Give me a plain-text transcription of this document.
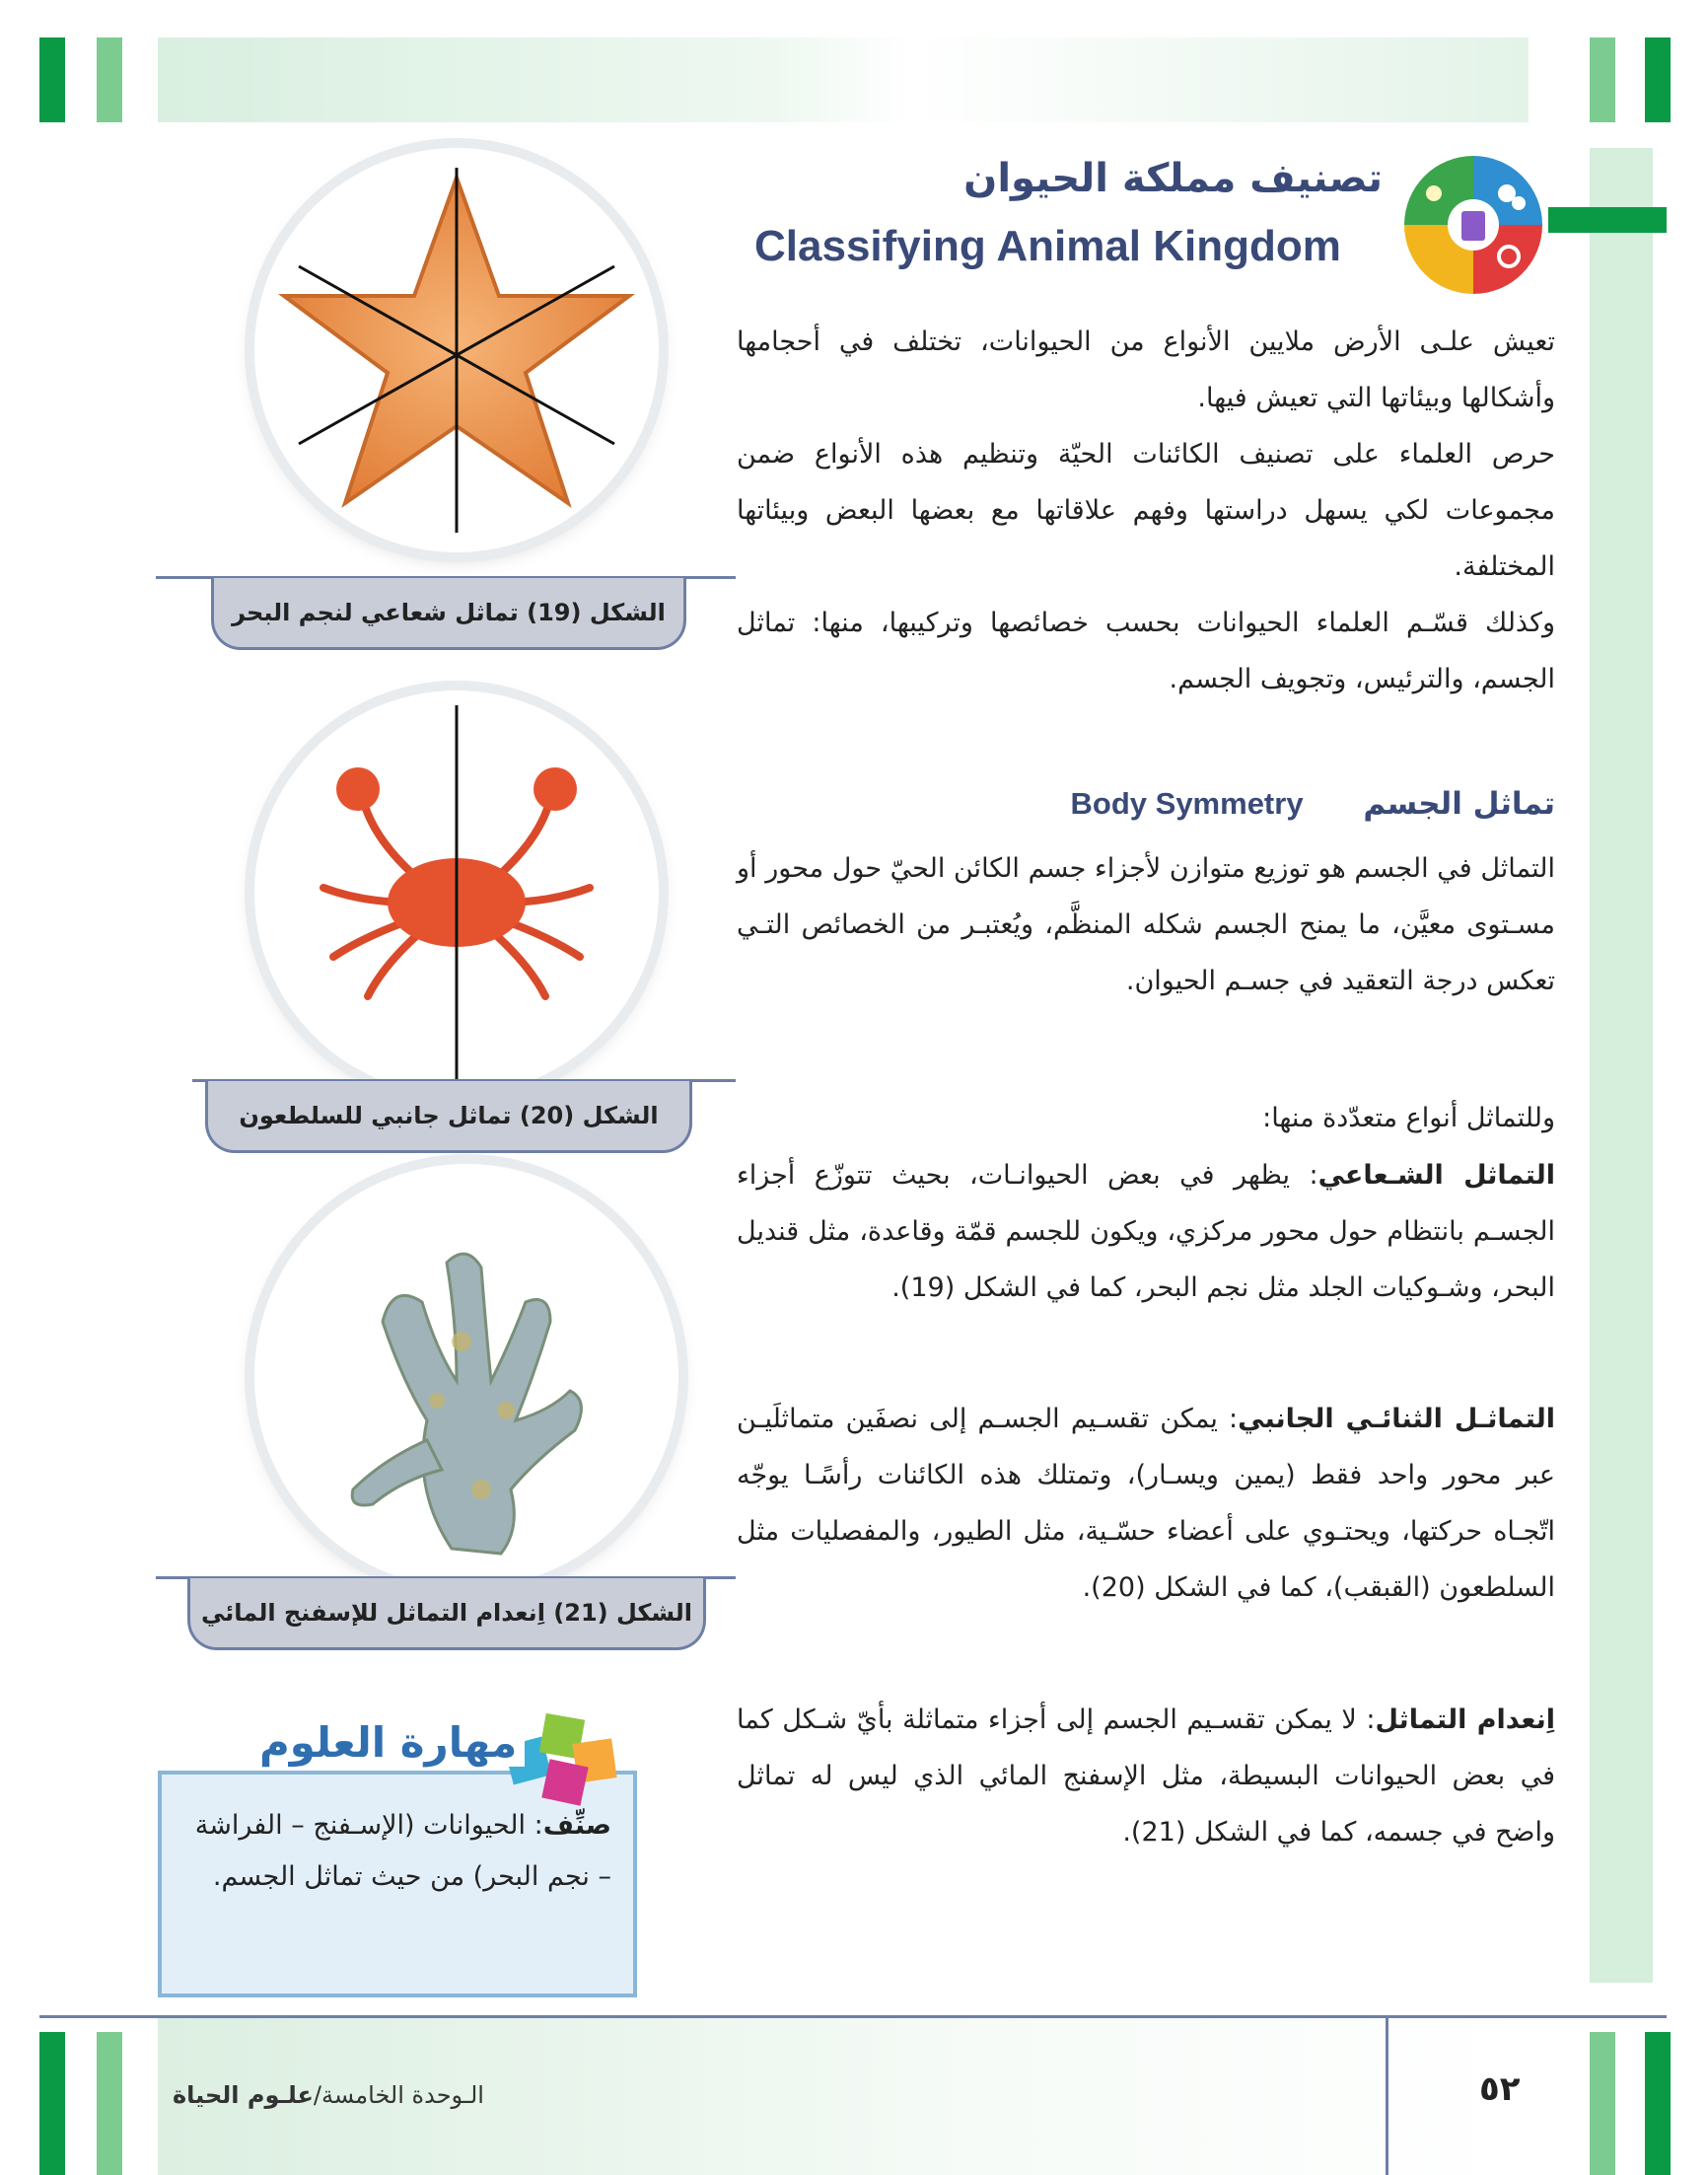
تصنيف مملكة الحيوان
Classifying Animal Kingdom
تعيش علـى الأرض ملايين الأنواع من الحيوانات، تختلف في أحجامها وأشكالها وبيئاتها التي تعيش فيها.
حرص العلماء على تصنيف الكائنات الحيّة وتنظيم هذه الأنواع ضمن مجموعات لكي يسهل دراستها وفهم علاقاتها مع بعضها البعض وبيئاتها المختلفة.
وكذلك قسّـم العلماء الحيوانات بحسب خصائصها وتركيبها، منها: تماثل الجسم، والترئيس، وتجويف الجسم.
تماثل الجسم Body Symmetry
التماثل في الجسم هو توزيع متوازن لأجزاء جسم الكائن الحيّ حول محور أو مسـتوى معيَّن، ما يمنح الجسم شكله المنظَّم، ويُعتبـر من الخصائص التـي تعكس درجة التعقيد في جسـم الحيوان.
وللتماثل أنواع متعدّدة منها:
التماثل الشـعاعي: يظهر في بعض الحيوانـات، بحيث تتوزّع أجزاء الجسـم بانتظام حول محور مركزي، ويكون للجسم قمّة وقاعدة، مثل قنديل البحر، وشـوكيات الجلد مثل نجم البحر، كما في الشكل (19).
التماثـل الثنائـي الجانبي: يمكن تقسـيم الجسـم إلى نصفَين متماثلَيـن عبر محور واحد فقط (يمين ويسـار)، وتمتلك هذه الكائنات رأسًـا يوجّه اتّجـاه حركتها، ويحتـوي على أعضاء حسّـية، مثل الطيور، والمفصليات مثل السلطعون (القبقب)، كما في الشكل (20).
اِنعدام التماثل: لا يمكن تقسـيم الجسم إلى أجزاء متماثلة بأيّ شـكل كما في بعض الحيوانات البسيطة، مثل الإسفنج المائي الذي ليس له تماثل واضح في جسمه، كما في الشكل (21).
الشكل (19) تماثل شعاعي لنجم البحر
الشكل (20) تماثل جانبي للسلطعون
الشكل (21) اِنعدام التماثل للإسفنج المائي
مهارة العلوم
صنِّف: الحيوانات (الإسـفنج – الفراشة – نجم البحر) من حيث تماثل الجسم.
الـوحدة الخامسة/علـوم الحياة	٥٢
